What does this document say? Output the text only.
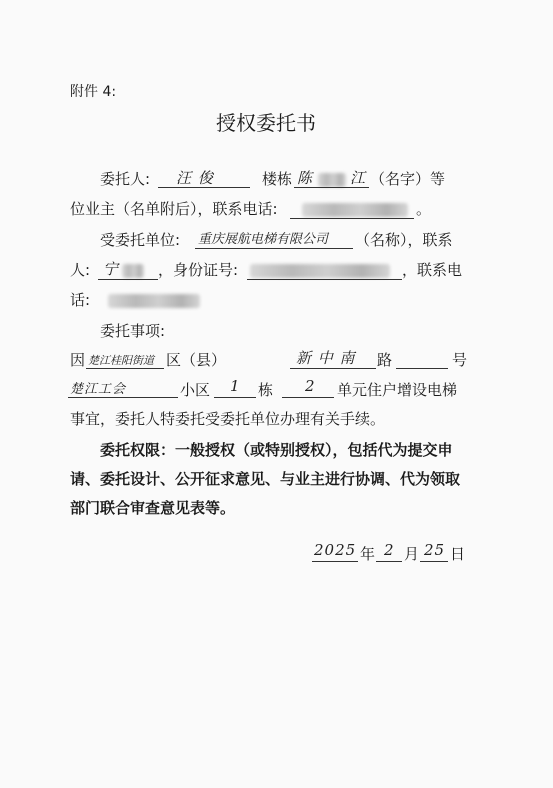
附件 4:
授权委托书
委托人: 汪 俊	楼栋 陈 江 （名字）等
位业主（名单附后），联系电话:	。
受委托单位: 重庆展航电梯有限公司 （名称），联系
人: 宁	，身份证号:	，联系电
话:
委托事项:
因 楚江桂阳街道 区（县）	新 中 南 路	号
楚江工会	小区 1 栋 2 单元住户增设电梯
事宜，委托人特委托受委托单位办理有关手续。
委托权限：一般授权（或特别授权），包括代为提交申
请、委托设计、公开征求意见、与业主进行协调、代为领取
部门联合审查意见表等。
2025 年 2 月 25 日
